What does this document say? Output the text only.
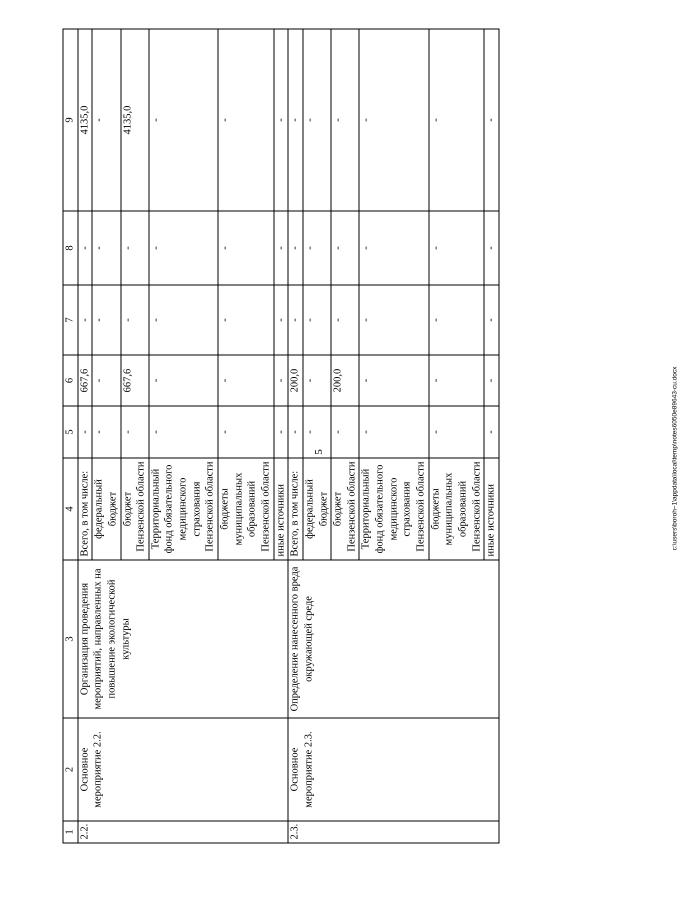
5	c:\users\boroh~1\appdata\local\temp\notes6050e89643-cu.docx
1	2	3	4	5	6	7	8	9
2.2.	Основное мероприятие 2.2.	Организация проведения мероприятий, направленных на повышение экологической культуры	Всего, в том числе:	-	667,6	-	-	4135,0

			федеральный бюджет	-	-	-	-	-

			бюджет Пензенской области	-	667,6	-	-	4135,0

			Территориальный фонд обязательного медицинского страхования Пензенской области	-	-	-	-	-

			бюджеты муниципальных образований Пензенской области	-	-	-	-	-
			иные источники	-	-	-	-	-
2.3.	Основное мероприятие 2.3.	Определение нанесенного вреда окружающей среде	Всего, в том числе:	-	200,0	-	-	-

			федеральный бюджет	-	-	-	-	-

			бюджет Пензенской области	-	200,0	-	-	-

			Территориальный фонд обязательного медицинского страхования Пензенской области	-	-	-	-	-

			бюджеты муниципальных образований Пензенской области	-	-	-	-	-
			иные источники	-	-	-	-	-
